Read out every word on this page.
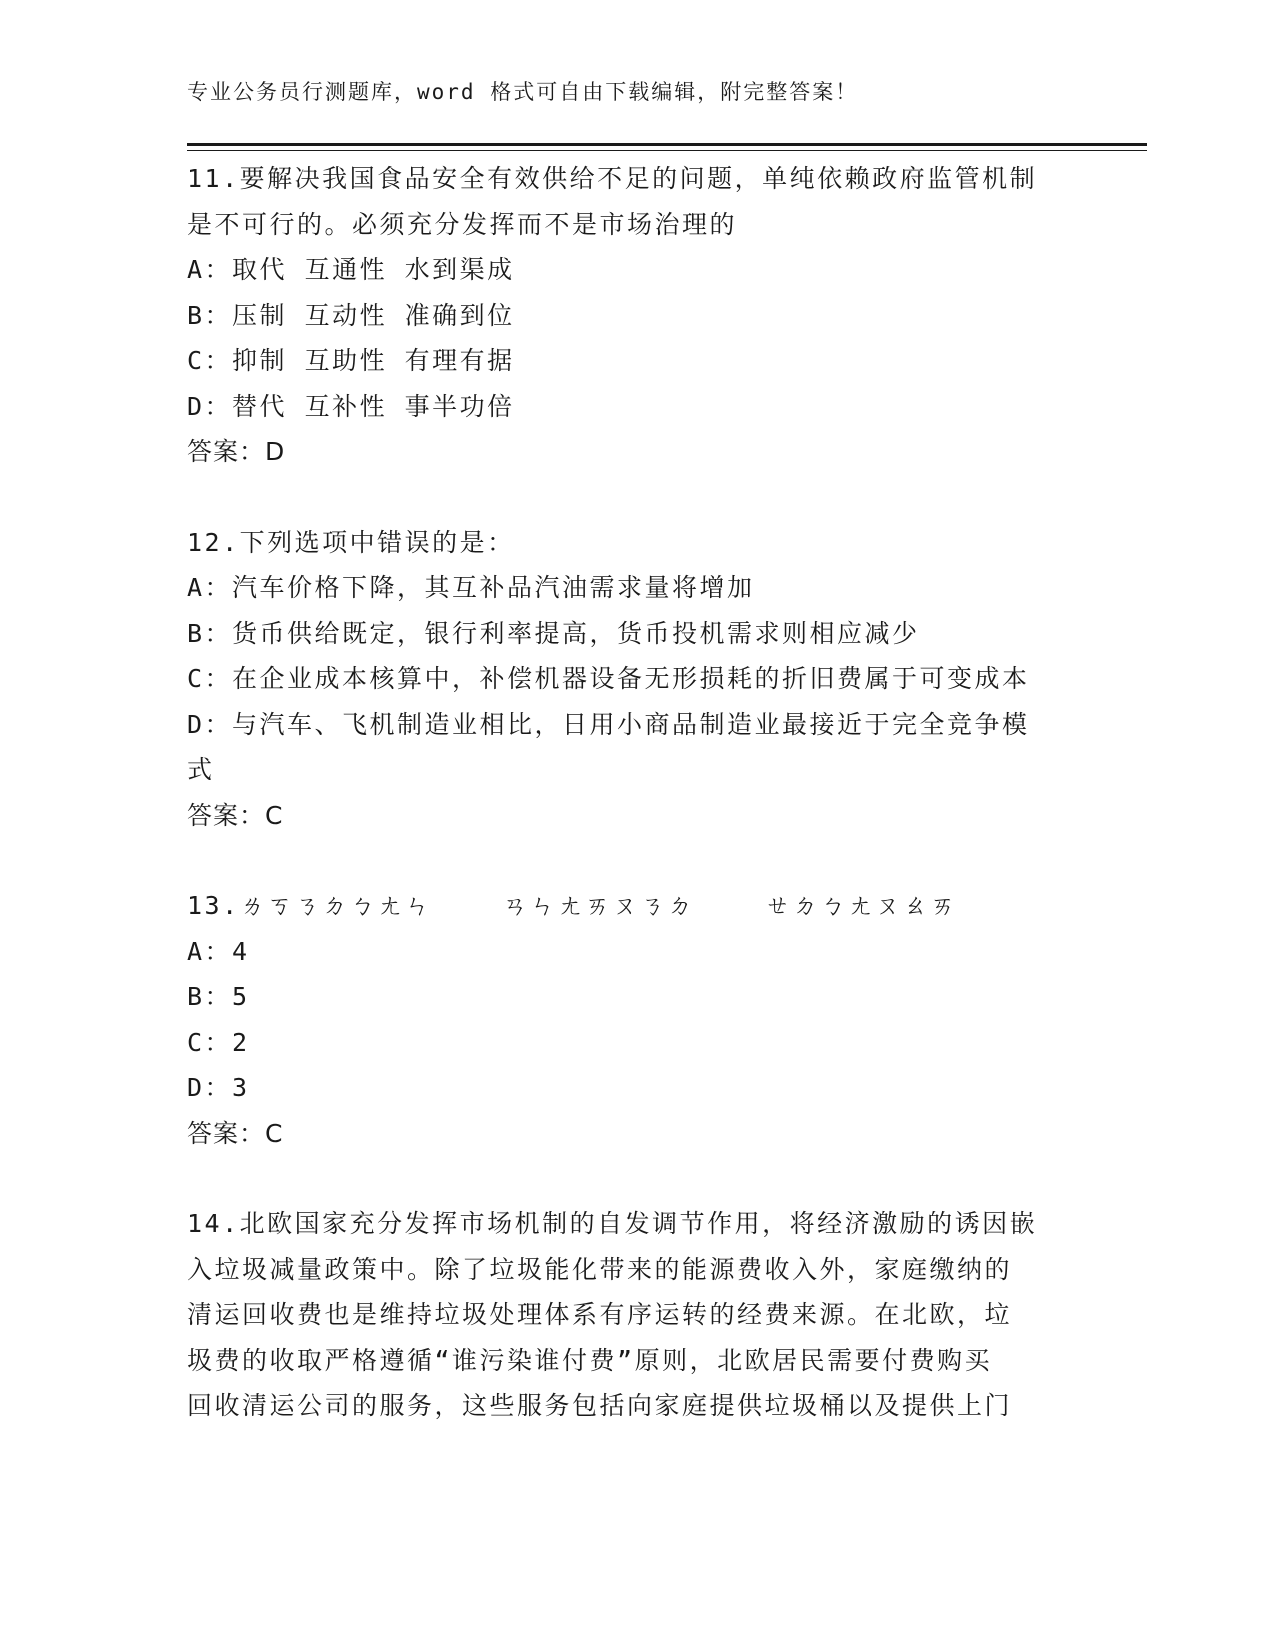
专业公务员行测题库，word 格式可自由下载编辑，附完整答案！

11.要解决我国食品安全有效供给不足的问题，单纯依赖政府监管机制

是不可行的。必须充分发挥而不是市场治理的

A：取代 互通性 水到渠成

B：压制 互动性 准确到位

C：抑制 互助性 有理有据

D：替代 互补性 事半功倍

答案：D

12.下列选项中错误的是：

A：汽车价格下降，其互补品汽油需求量将增加

B：货币供给既定，银行利率提高，货币投机需求则相应减少

C：在企业成本核算中，补偿机器设备无形损耗的折旧费属于可变成本

D：与汽车、飞机制造业相比，日用小商品制造业最接近于完全竞争模

式

答案：C

13.ㄌㄎㄋㄉㄅㄤㄣ    ㄢㄣㄤㄞㄡㄋㄉ    ㄝㄉㄅㄤㄡㄠㄞ

A：4

B：5

C：2

D：3

答案：C

14.北欧国家充分发挥市场机制的自发调节作用，将经济激励的诱因嵌

入垃圾减量政策中。除了垃圾能化带来的能源费收入外，家庭缴纳的

清运回收费也是维持垃圾处理体系有序运转的经费来源。在北欧，垃

圾费的收取严格遵循“谁污染谁付费”原则，北欧居民需要付费购买

回收清运公司的服务，这些服务包括向家庭提供垃圾桶以及提供上门
